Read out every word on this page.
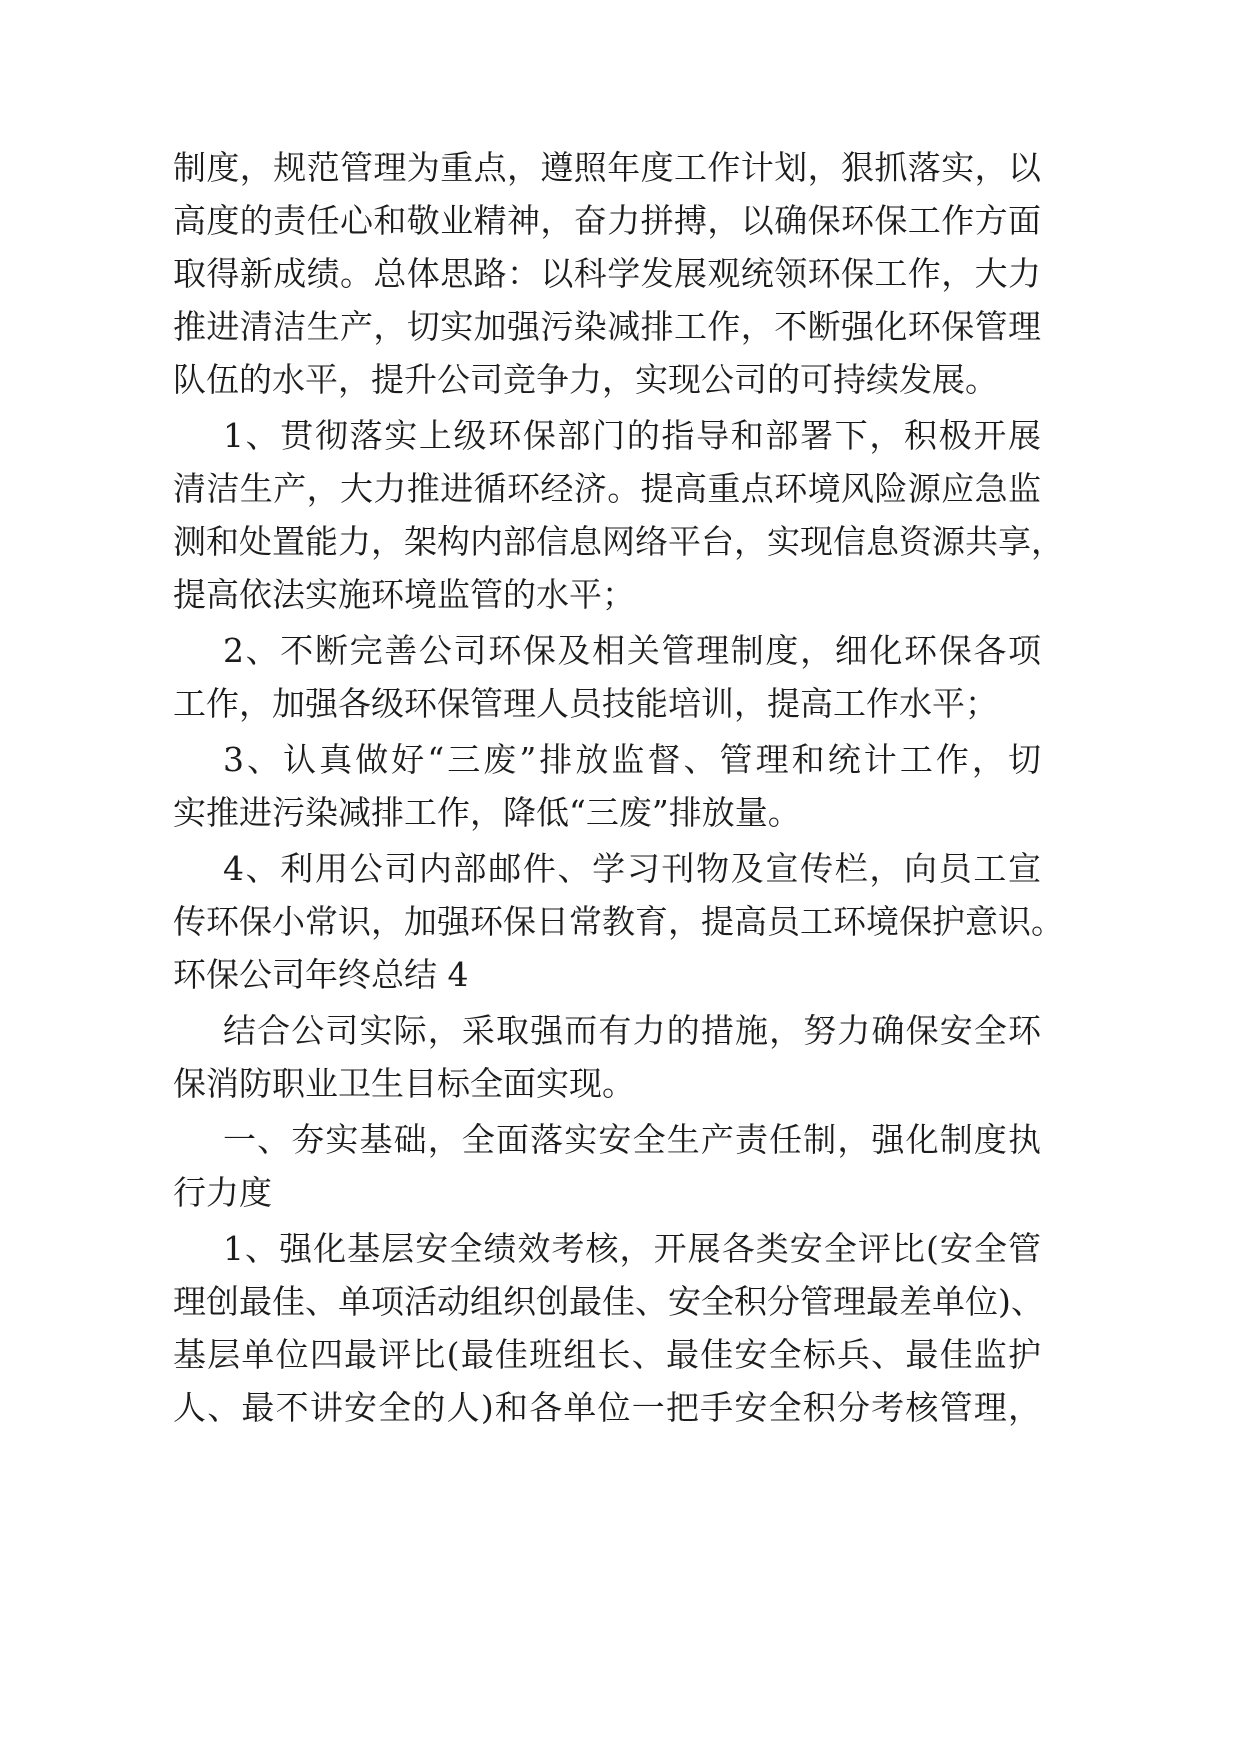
制度，规范管理为重点，遵照年度工作计划，狠抓落实，以
高度的责任心和敬业精神，奋力拼搏，以确保环保工作方面
取得新成绩。总体思路：以科学发展观统领环保工作，大力
推进清洁生产，切实加强污染减排工作，不断强化环保管理
队伍的水平，提升公司竞争力，实现公司的可持续发展。
1、贯彻落实上级环保部门的指导和部署下，积极开展
清洁生产，大力推进循环经济。提高重点环境风险源应急监
测和处置能力，架构内部信息网络平台，实现信息资源共享，
提高依法实施环境监管的水平；
2、不断完善公司环保及相关管理制度，细化环保各项
工作，加强各级环保管理人员技能培训，提高工作水平；
3、认真做好“三废”排放监督、管理和统计工作，切
实推进污染减排工作，降低“三废”排放量。
4、利用公司内部邮件、学习刊物及宣传栏，向员工宣
传环保小常识，加强环保日常教育，提高员工环境保护意识。
环保公司年终总结 4
结合公司实际，采取强而有力的措施，努力确保安全环
保消防职业卫生目标全面实现。
一、夯实基础，全面落实安全生产责任制，强化制度执
行力度
1、强化基层安全绩效考核，开展各类安全评比(安全管
理创最佳、单项活动组织创最佳、安全积分管理最差单位)、
基层单位四最评比(最佳班组长、最佳安全标兵、最佳监护
人、最不讲安全的人)和各单位一把手安全积分考核管理，
